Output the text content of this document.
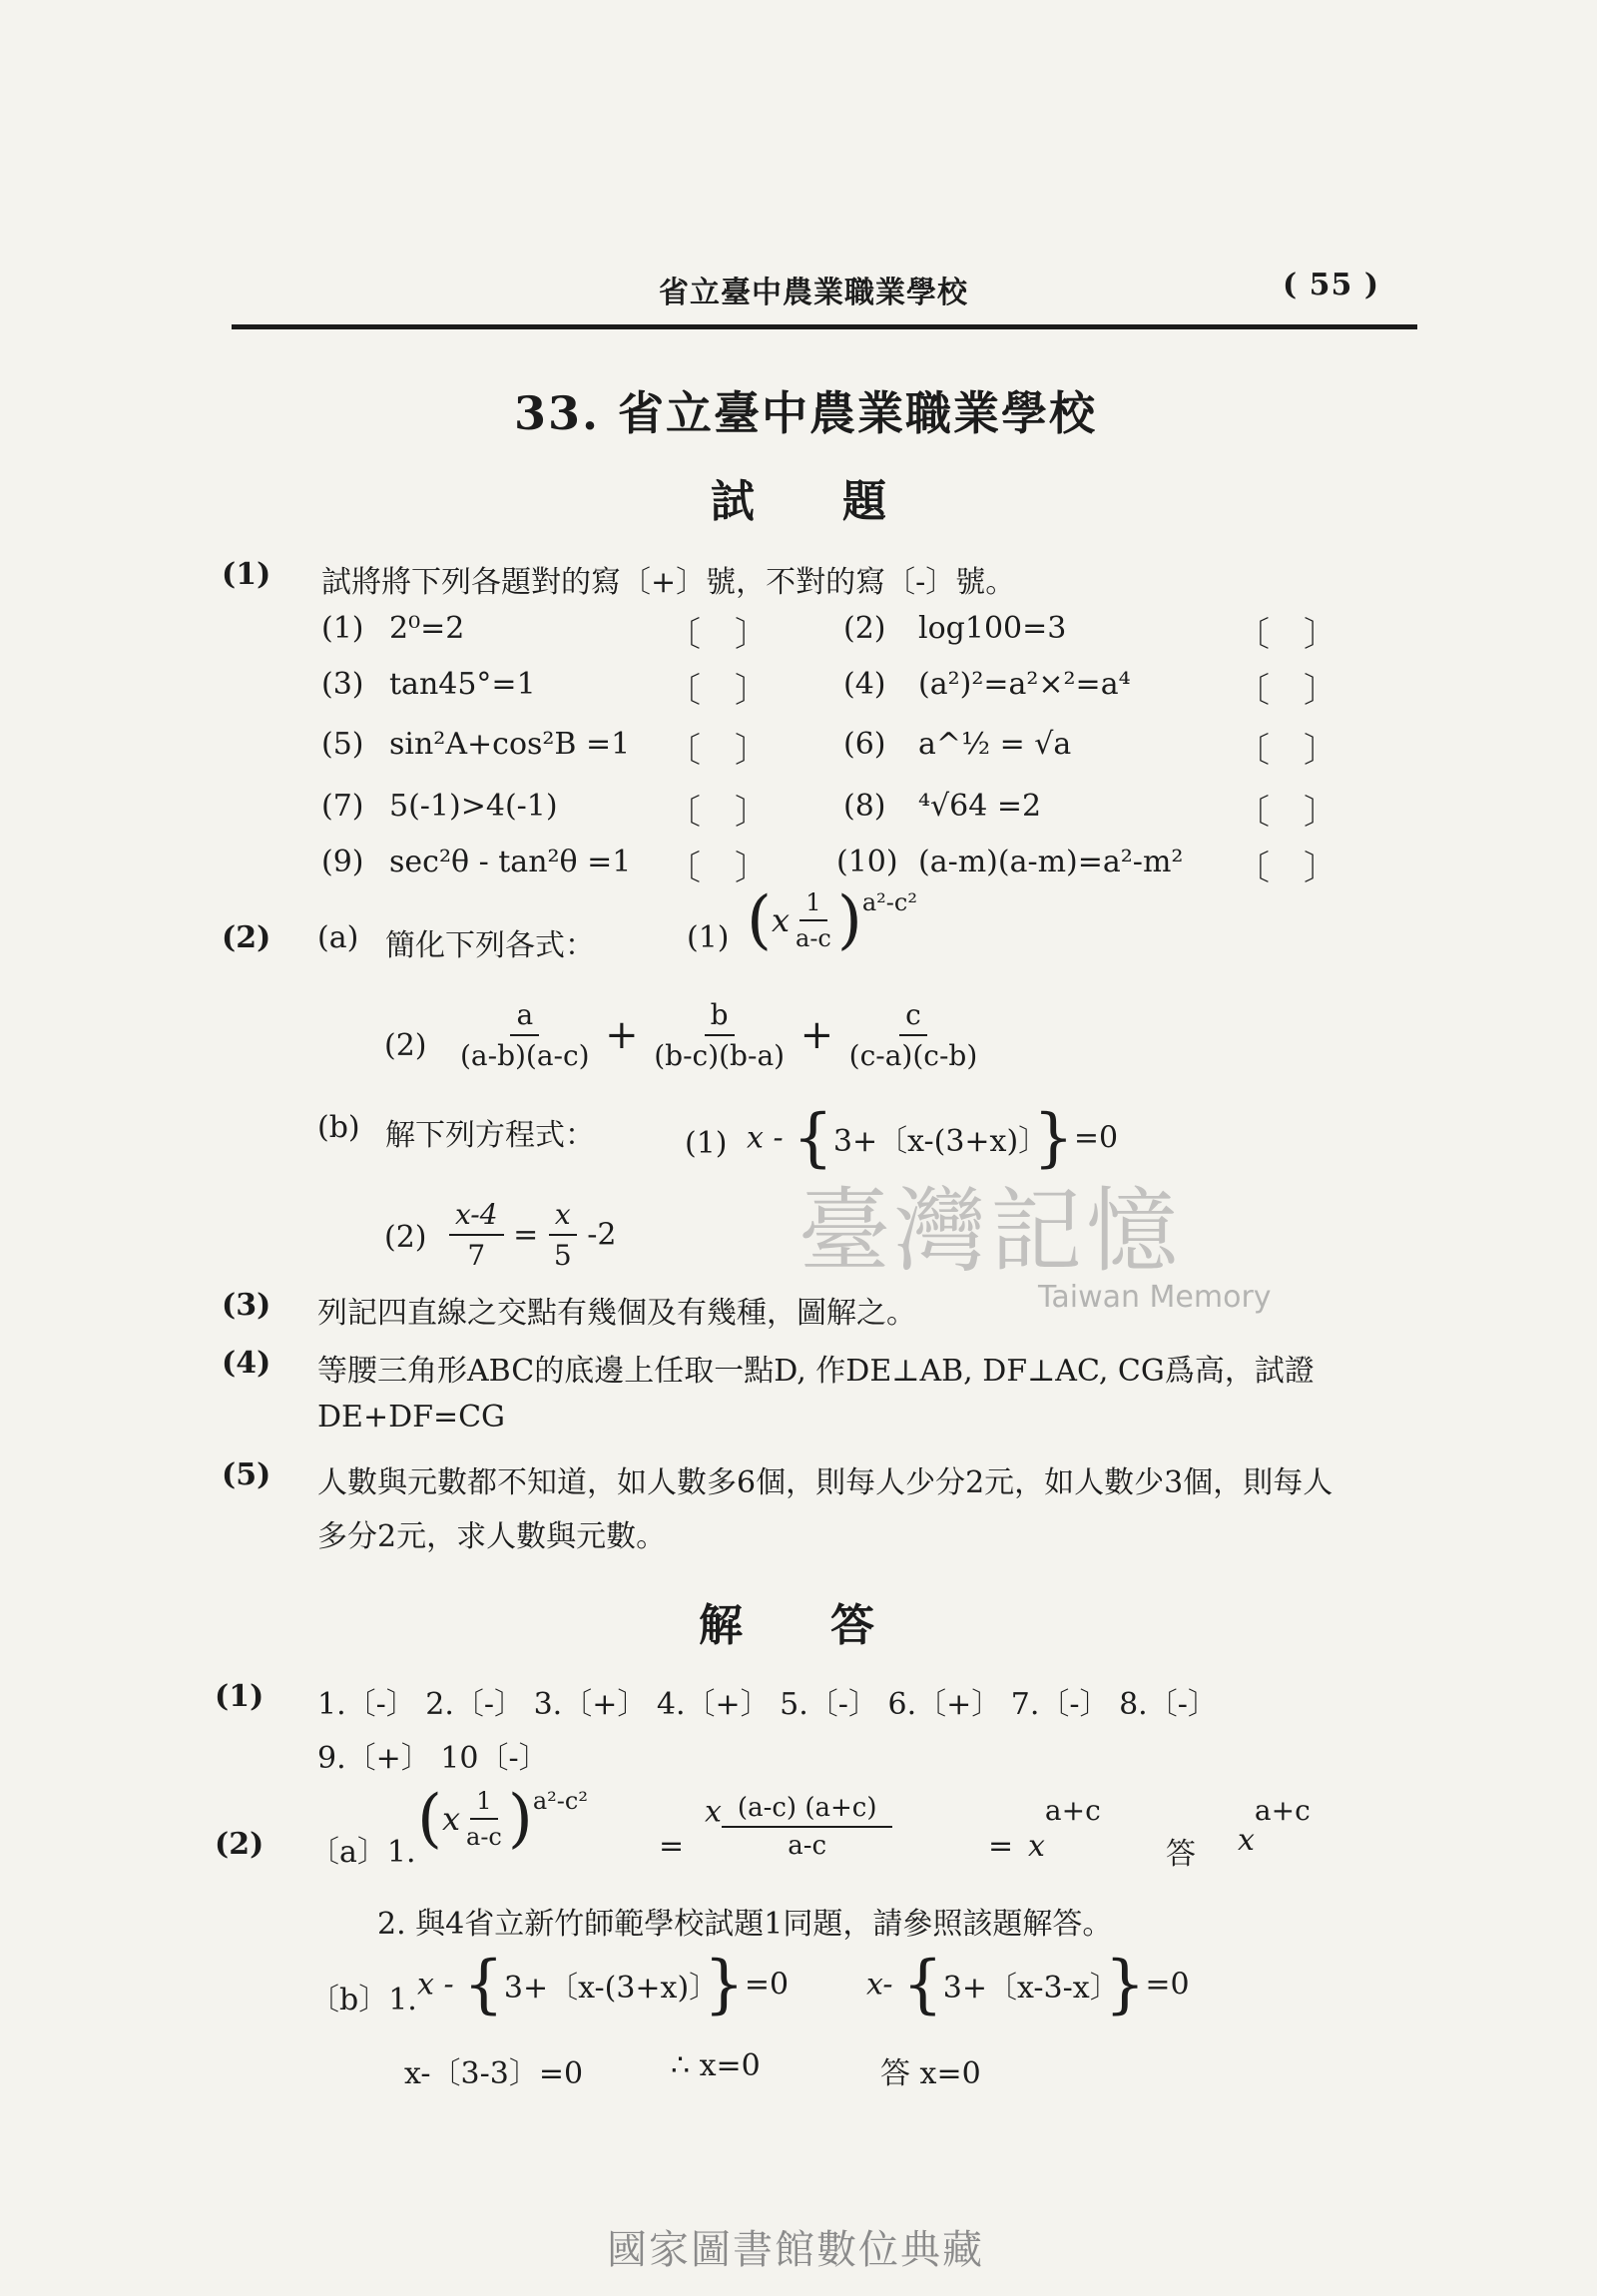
省立臺中農業職業學校	( 55 )
33. 省立臺中農業職業學校
試　　題
(1) 試將將下列各題對的寫〔+〕號，不對的寫〔-〕號。
(1) 2⁰=2	〔　〕	(2) log100=3	〔　〕
(3) tan45°=1	〔　〕	(4) (a²)²=a²×²=a⁴	〔　〕
(5) sin²A+cos²B =1 〔　〕	(6) a^½ = √a	〔　〕
(7) 5(-1)>4(-1)	〔　〕	(8) ⁴√64 =2	〔　〕
(9) sec²θ - tan²θ =1 〔　〕 (10) (a-m)(a-m)=a²-m² 〔　〕
(2) (a) 簡化下列各式：	(1) $(x \frac{1}{a-c} )^{a^2-c^2}$
$(2) \frac{a}{(a-b)(a-c)} + \frac{b}{(b-c)(b-a)} + \frac{c}{(c-a)(c-b)}$
(b) 解下列方程式：	(1) x - {3+〔x-(3+x)〕}=0
$(2) \frac{x-4}{7} = \frac{x}{5} -2$ 臺灣記憶
Taiwan Memory
(3) 列記四直線之交點有幾個及有幾種，圖解之。
(4) 等腰三角形ABC的底邊上任取一點D, 作DE⊥AB, DF⊥AC, CG爲高，試證
DE+DF=CG
(5) 人數與元數都不知道，如人數多6個，則每人少分2元，如人數少3個，則每人
多分2元，求人數與元數。
解　　答
(1) 1.〔-〕 2.〔-〕 3.〔+〕 4.〔+〕 5.〔-〕 6.〔+〕 7.〔-〕 8.〔-〕
9.〔+〕 10〔-〕
(2) 〔a〕1. $(x \frac{1}{a-c} )^{a^2-c^2}$
=
x $\frac{(a-c) (a+c)}{a-c}$	= xa+c
答 xa+c
2. 與4省立新竹師範學校試題1同題，請參照該題解答。
〔b〕1. x - {3+〔x-(3+x)〕}=0	x- {3+〔x-3-x〕}=0
x-〔3-3〕=0	∴ x=0	答 x=0
國家圖書館數位典藏
